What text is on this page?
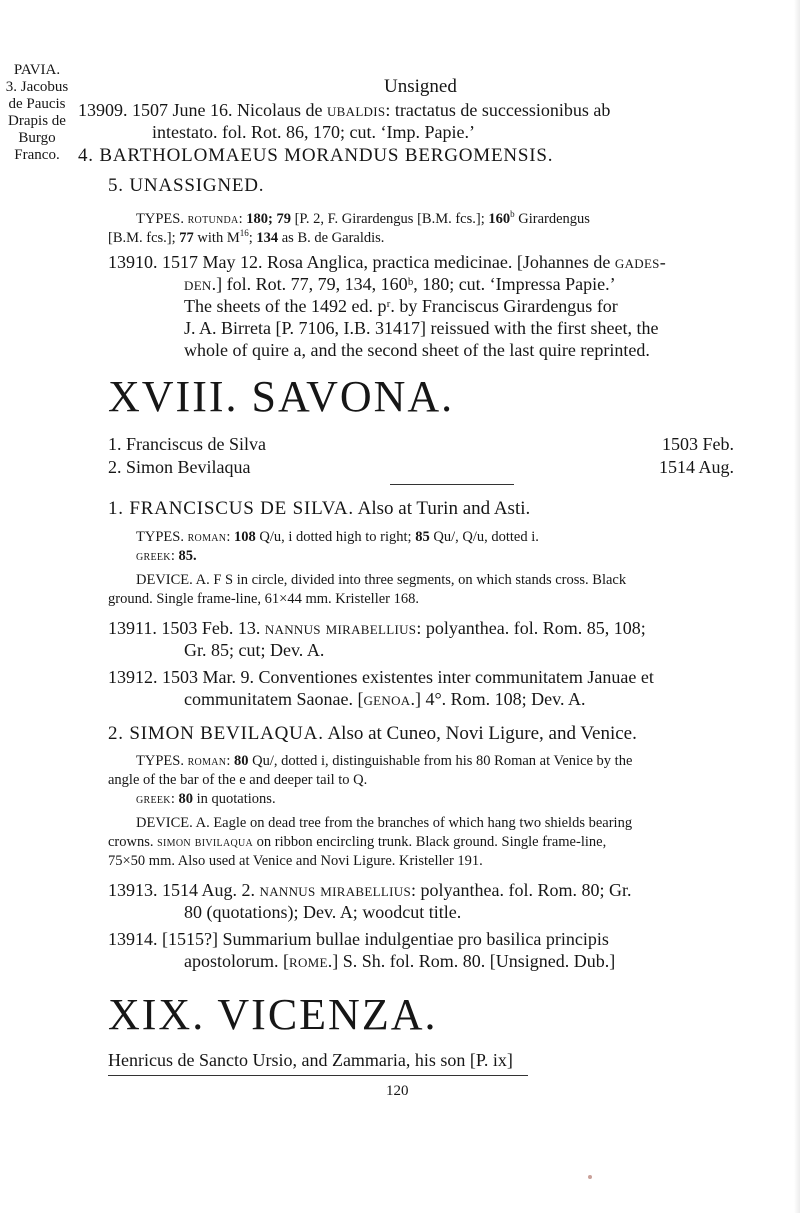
PAVIA.
3. Jacobus
de Paucis
Drapis de
Burgo
Franco.
Unsigned
13909. 1507 June 16. Nicolaus de ubaldis: tractatus de successionibus ab
intestato. fol. Rot. 86, 170; cut. ‘Imp. Papie.’
4. BARTHOLOMAEUS MORANDUS BERGOMENSIS.
5. UNASSIGNED.
TYPES. rotunda: 180; 79 [P. 2, F. Girardengus [B.M. fcs.]; 160$^b$ Girardengus
[B.M. fcs.]; 77 with $M^{16}$; 134 as B. de Garaldis.
13910. 1517 May 12. Rosa Anglica, practica medicinae. [Johannes de gades-
den.] fol. Rot. 77, 79, 134, 160ᵇ, 180; cut. ‘Impressa Papie.’
The sheets of the 1492 ed. pʳ. by Franciscus Girardengus for
J. A. Birreta [P. 7106, I.B. 31417] reissued with the first sheet, the
whole of quire a, and the second sheet of the last quire reprinted.
XVIII. SAVONA.
1. Franciscus de Silva	1503 Feb.
2. Simon Bevilaqua	1514 Aug.
1. FRANCISCUS DE SILVA. Also at Turin and Asti.
TYPES. roman: 108 Q/u, i dotted high to right; 85 Qu/, Q/u, dotted i.
greek: 85.
DEVICE. A. F S in circle, divided into three segments, on which stands cross. Black
ground. Single frame-line, 61×44 mm. Kristeller 168.
13911. 1503 Feb. 13. nannus mirabellius: polyanthea. fol. Rom. 85, 108;
Gr. 85; cut; Dev. A.
13912. 1503 Mar. 9. Conventiones existentes inter communitatem Januae et
communitatem Saonae. [genoa.] 4°. Rom. 108; Dev. A.
2. SIMON BEVILAQUA. Also at Cuneo, Novi Ligure, and Venice.
TYPES. roman: 80 Qu/, dotted i, distinguishable from his 80 Roman at Venice by the
angle of the bar of the e and deeper tail to Q.
greek: 80 in quotations.
DEVICE. A. Eagle on dead tree from the branches of which hang two shields bearing
crowns. simon bivilaqua on ribbon encircling trunk. Black ground. Single frame-line,
75×50 mm. Also used at Venice and Novi Ligure. Kristeller 191.
13913. 1514 Aug. 2. nannus mirabellius: polyanthea. fol. Rom. 80; Gr.
80 (quotations); Dev. A; woodcut title.
13914. [1515?] Summarium bullae indulgentiae pro basilica principis
apostolorum. [rome.] S. Sh. fol. Rom. 80. [Unsigned. Dub.]
XIX. VICENZA.
Henricus de Sancto Ursio, and Zammaria, his son [P. ix]
120
